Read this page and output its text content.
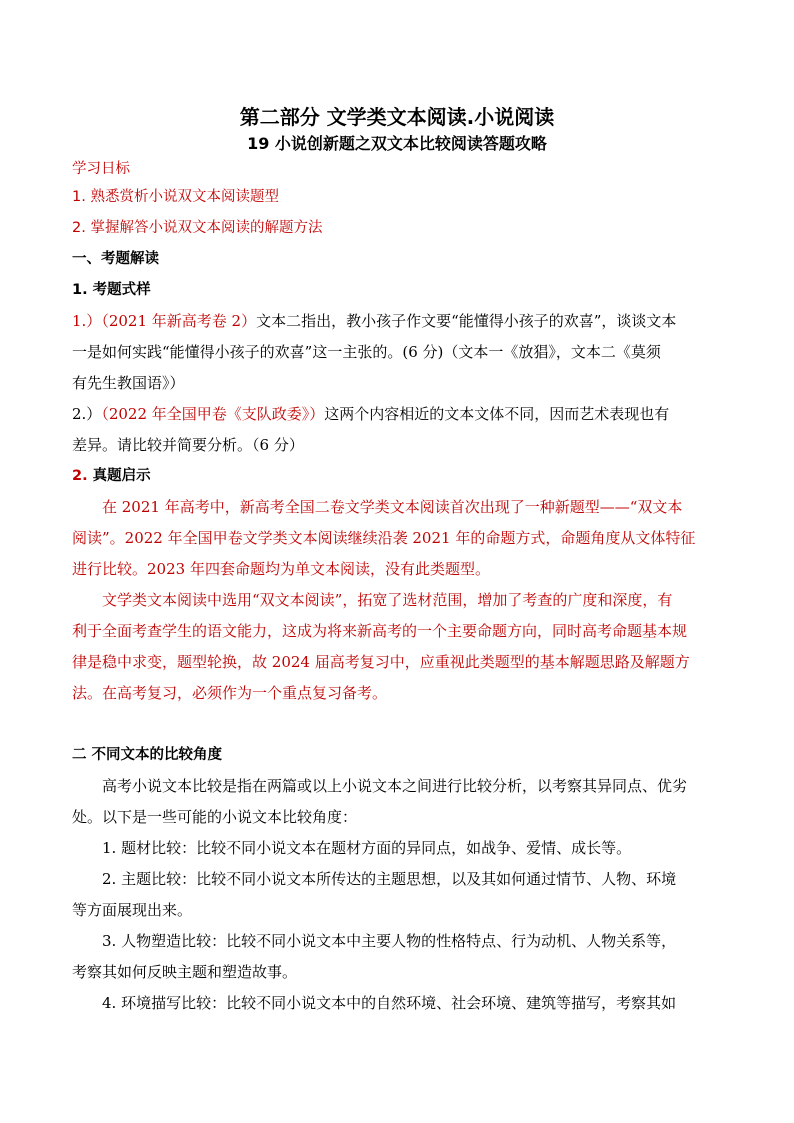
第二部分 文学类文本阅读.小说阅读

19 小说创新题之双文本比较阅读答题攻略

学习日标

1. 熟悉赏析小说双文本阅读题型

2. 掌握解答小说双文本阅读的解题方法

一、考题解读

1. 考题式样

1.）（2021 年新高考卷 2）文本二指出，教小孩子作文要“能懂得小孩子的欢喜”，谈谈文本
一是如何实践“能懂得小孩子的欢喜”这一主张的。(6 分)（文本一《放猖》，文本二《莫须
有先生教国语》）
2.）（2022 年全国甲卷《支队政委》）这两个内容相近的文本文体不同，因而艺术表现也有
差异。请比较并简要分析。（6 分）

2. 真题启示

在 2021 年高考中，新高考全国二卷文学类文本阅读首次出现了一种新题型——“双文本
阅读”。2022 年全国甲卷文学类文本阅读继续沿袭 2021 年的命题方式，命题角度从文体特征
进行比较。2023 年四套命题均为单文本阅读，没有此类题型。
文学类文本阅读中选用“双文本阅读”，拓宽了选材范围，增加了考查的广度和深度，有
利于全面考查学生的语文能力，这成为将来新高考的一个主要命题方向，同时高考命题基本规
律是稳中求变，题型轮换，故 2024 届高考复习中，应重视此类题型的基本解题思路及解题方
法。在高考复习，必须作为一个重点复习备考。

二 不同文本的比较角度

高考小说文本比较是指在两篇或以上小说文本之间进行比较分析，以考察其异同点、优劣
处。以下是一些可能的小说文本比较角度：
1. 题材比较：比较不同小说文本在题材方面的异同点，如战争、爱情、成长等。
2. 主题比较：比较不同小说文本所传达的主题思想，以及其如何通过情节、人物、环境
等方面展现出来。
3. 人物塑造比较：比较不同小说文本中主要人物的性格特点、行为动机、人物关系等，
考察其如何反映主题和塑造故事。
4. 环境描写比较：比较不同小说文本中的自然环境、社会环境、建筑等描写，考察其如
